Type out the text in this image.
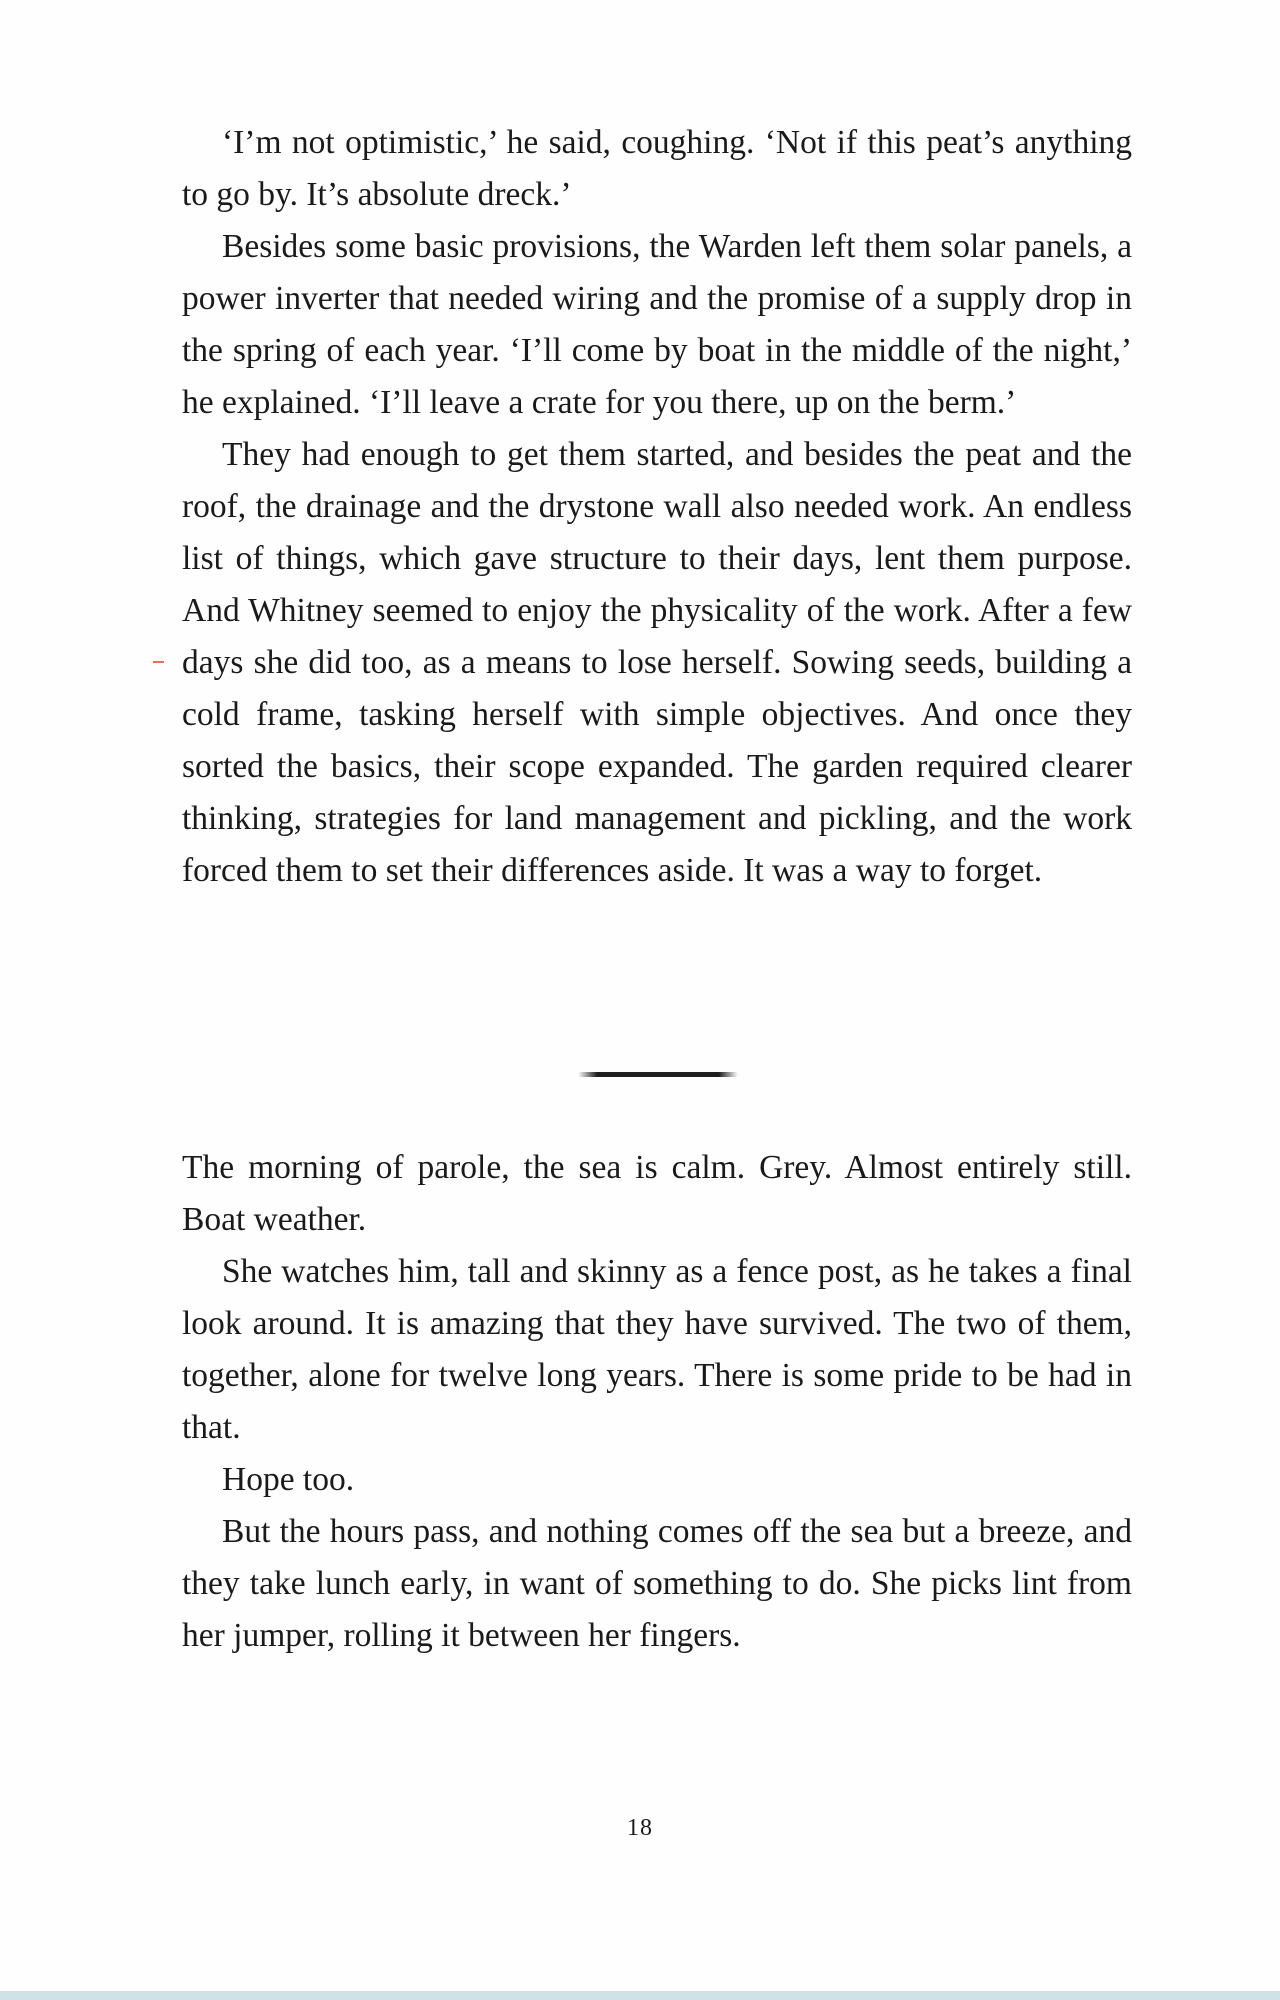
‘I’m not optimistic,’ he said, coughing. ‘Not if this peat’s anything to go by. It’s absolute dreck.’

Besides some basic provisions, the Warden left them solar panels, a power inverter that needed wiring and the promise of a supply drop in the spring of each year. ‘I’ll come by boat in the middle of the night,’ he explained. ‘I’ll leave a crate for you there, up on the berm.’

They had enough to get them started, and besides the peat and the roof, the drainage and the drystone wall also needed work. An endless list of things, which gave structure to their days, lent them purpose. And Whitney seemed to enjoy the physicality of the work. After a few days she did too, as a means to lose herself. Sowing seeds, building a cold frame, tasking herself with simple objectives. And once they sorted the basics, their scope expanded. The garden required clearer thinking, strategies for land management and pickling, and the work forced them to set their differences aside. It was a way to forget.

The morning of parole, the sea is calm. Grey. Almost entirely still. Boat weather.

She watches him, tall and skinny as a fence post, as he takes a final look around. It is amazing that they have survived. The two of them, together, alone for twelve long years. There is some pride to be had in that.

Hope too.

But the hours pass, and nothing comes off the sea but a breeze, and they take lunch early, in want of something to do. She picks lint from her jumper, rolling it between her fingers.

18
